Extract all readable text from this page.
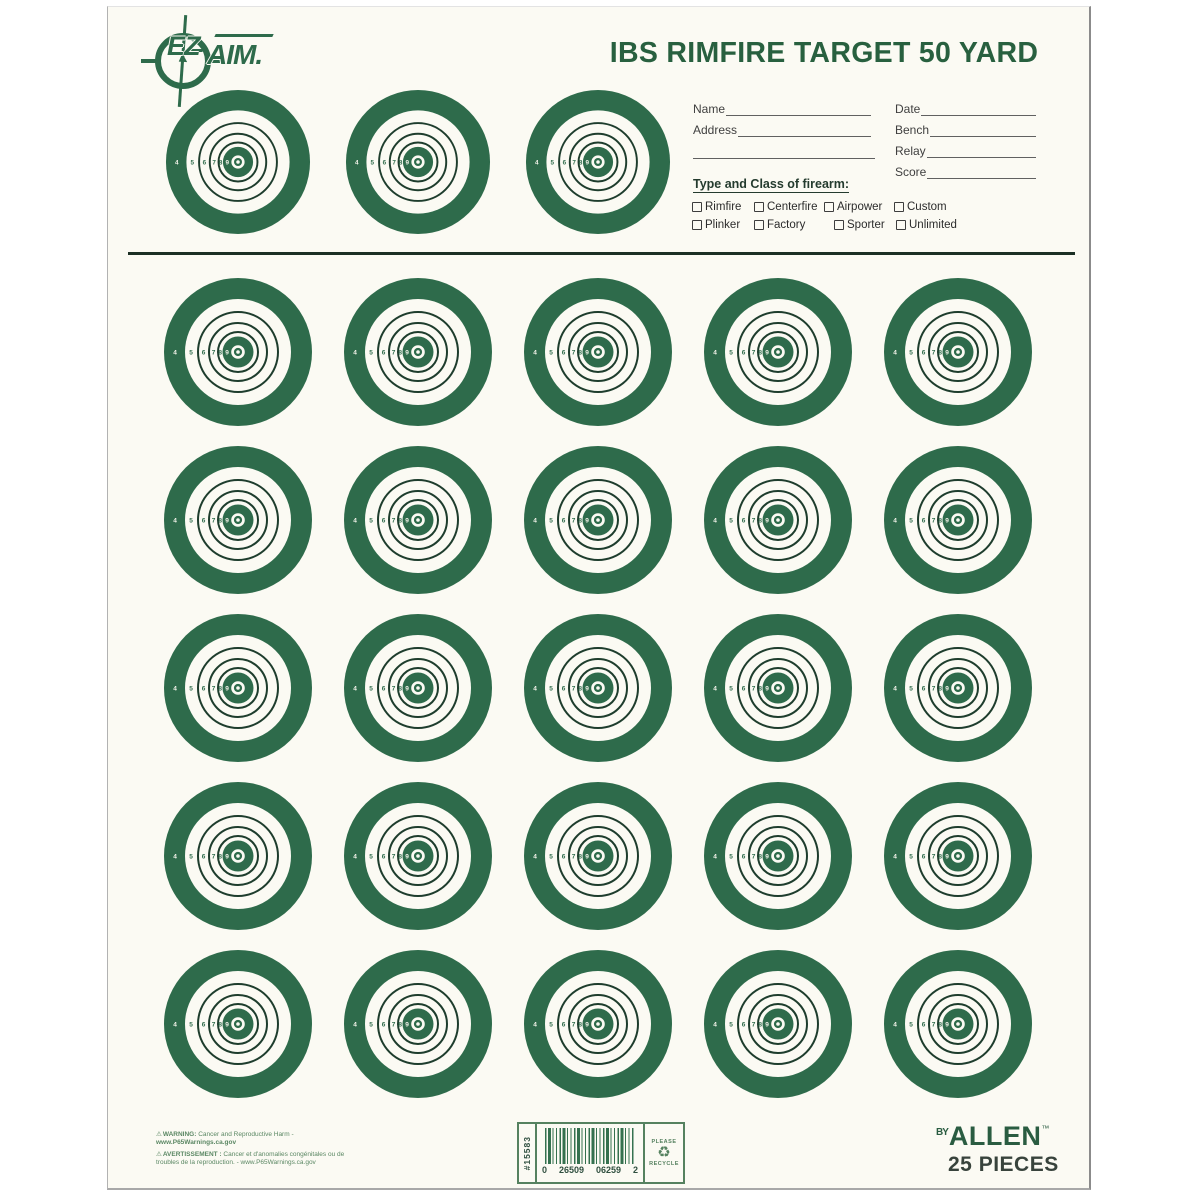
EZ AIM.	IBS RIMFIRE TARGET 50 YARD
Name
Address
Date
Bench
Relay
Score
Type and Class of firearm:
Rimfire Centerfire Airpower Custom
Plinker Factory	Sporter Unlimited

⚠WARNING: Cancer and Reproductive Harm -
www.P65Warnings.ca.gov

⚠AVERTISSEMENT : Cancer et d'anomalies congénitales ou de
troubles de la reproduction. - www.P65Warnings.ca.gov	#15583 0 26509 06259 2
PLEASE
♻
RECYCLE
$^{BY}$ALLEN™
25 PIECES
4 5 6 7 8 9	4 5 6 7 8 9	4 5 6 7 8 9
4 5 6 7 8 9	4 5 6 7 8 9	4 5 6 7 8 9	4 5 6 7 8 9	4 5 6 7 8 9
4 5 6 7 8 9	4 5 6 7 8 9	4 5 6 7 8 9	4 5 6 7 8 9	4 5 6 7 8 9
4 5 6 7 8 9	4 5 6 7 8 9	4 5 6 7 8 9	4 5 6 7 8 9	4 5 6 7 8 9
4 5 6 7 8 9	4 5 6 7 8 9	4 5 6 7 8 9	4 5 6 7 8 9	4 5 6 7 8 9
4 5 6 7 8 9	4 5 6 7 8 9	4 5 6 7 8 9	4 5 6 7 8 9	4 5 6 7 8 9
